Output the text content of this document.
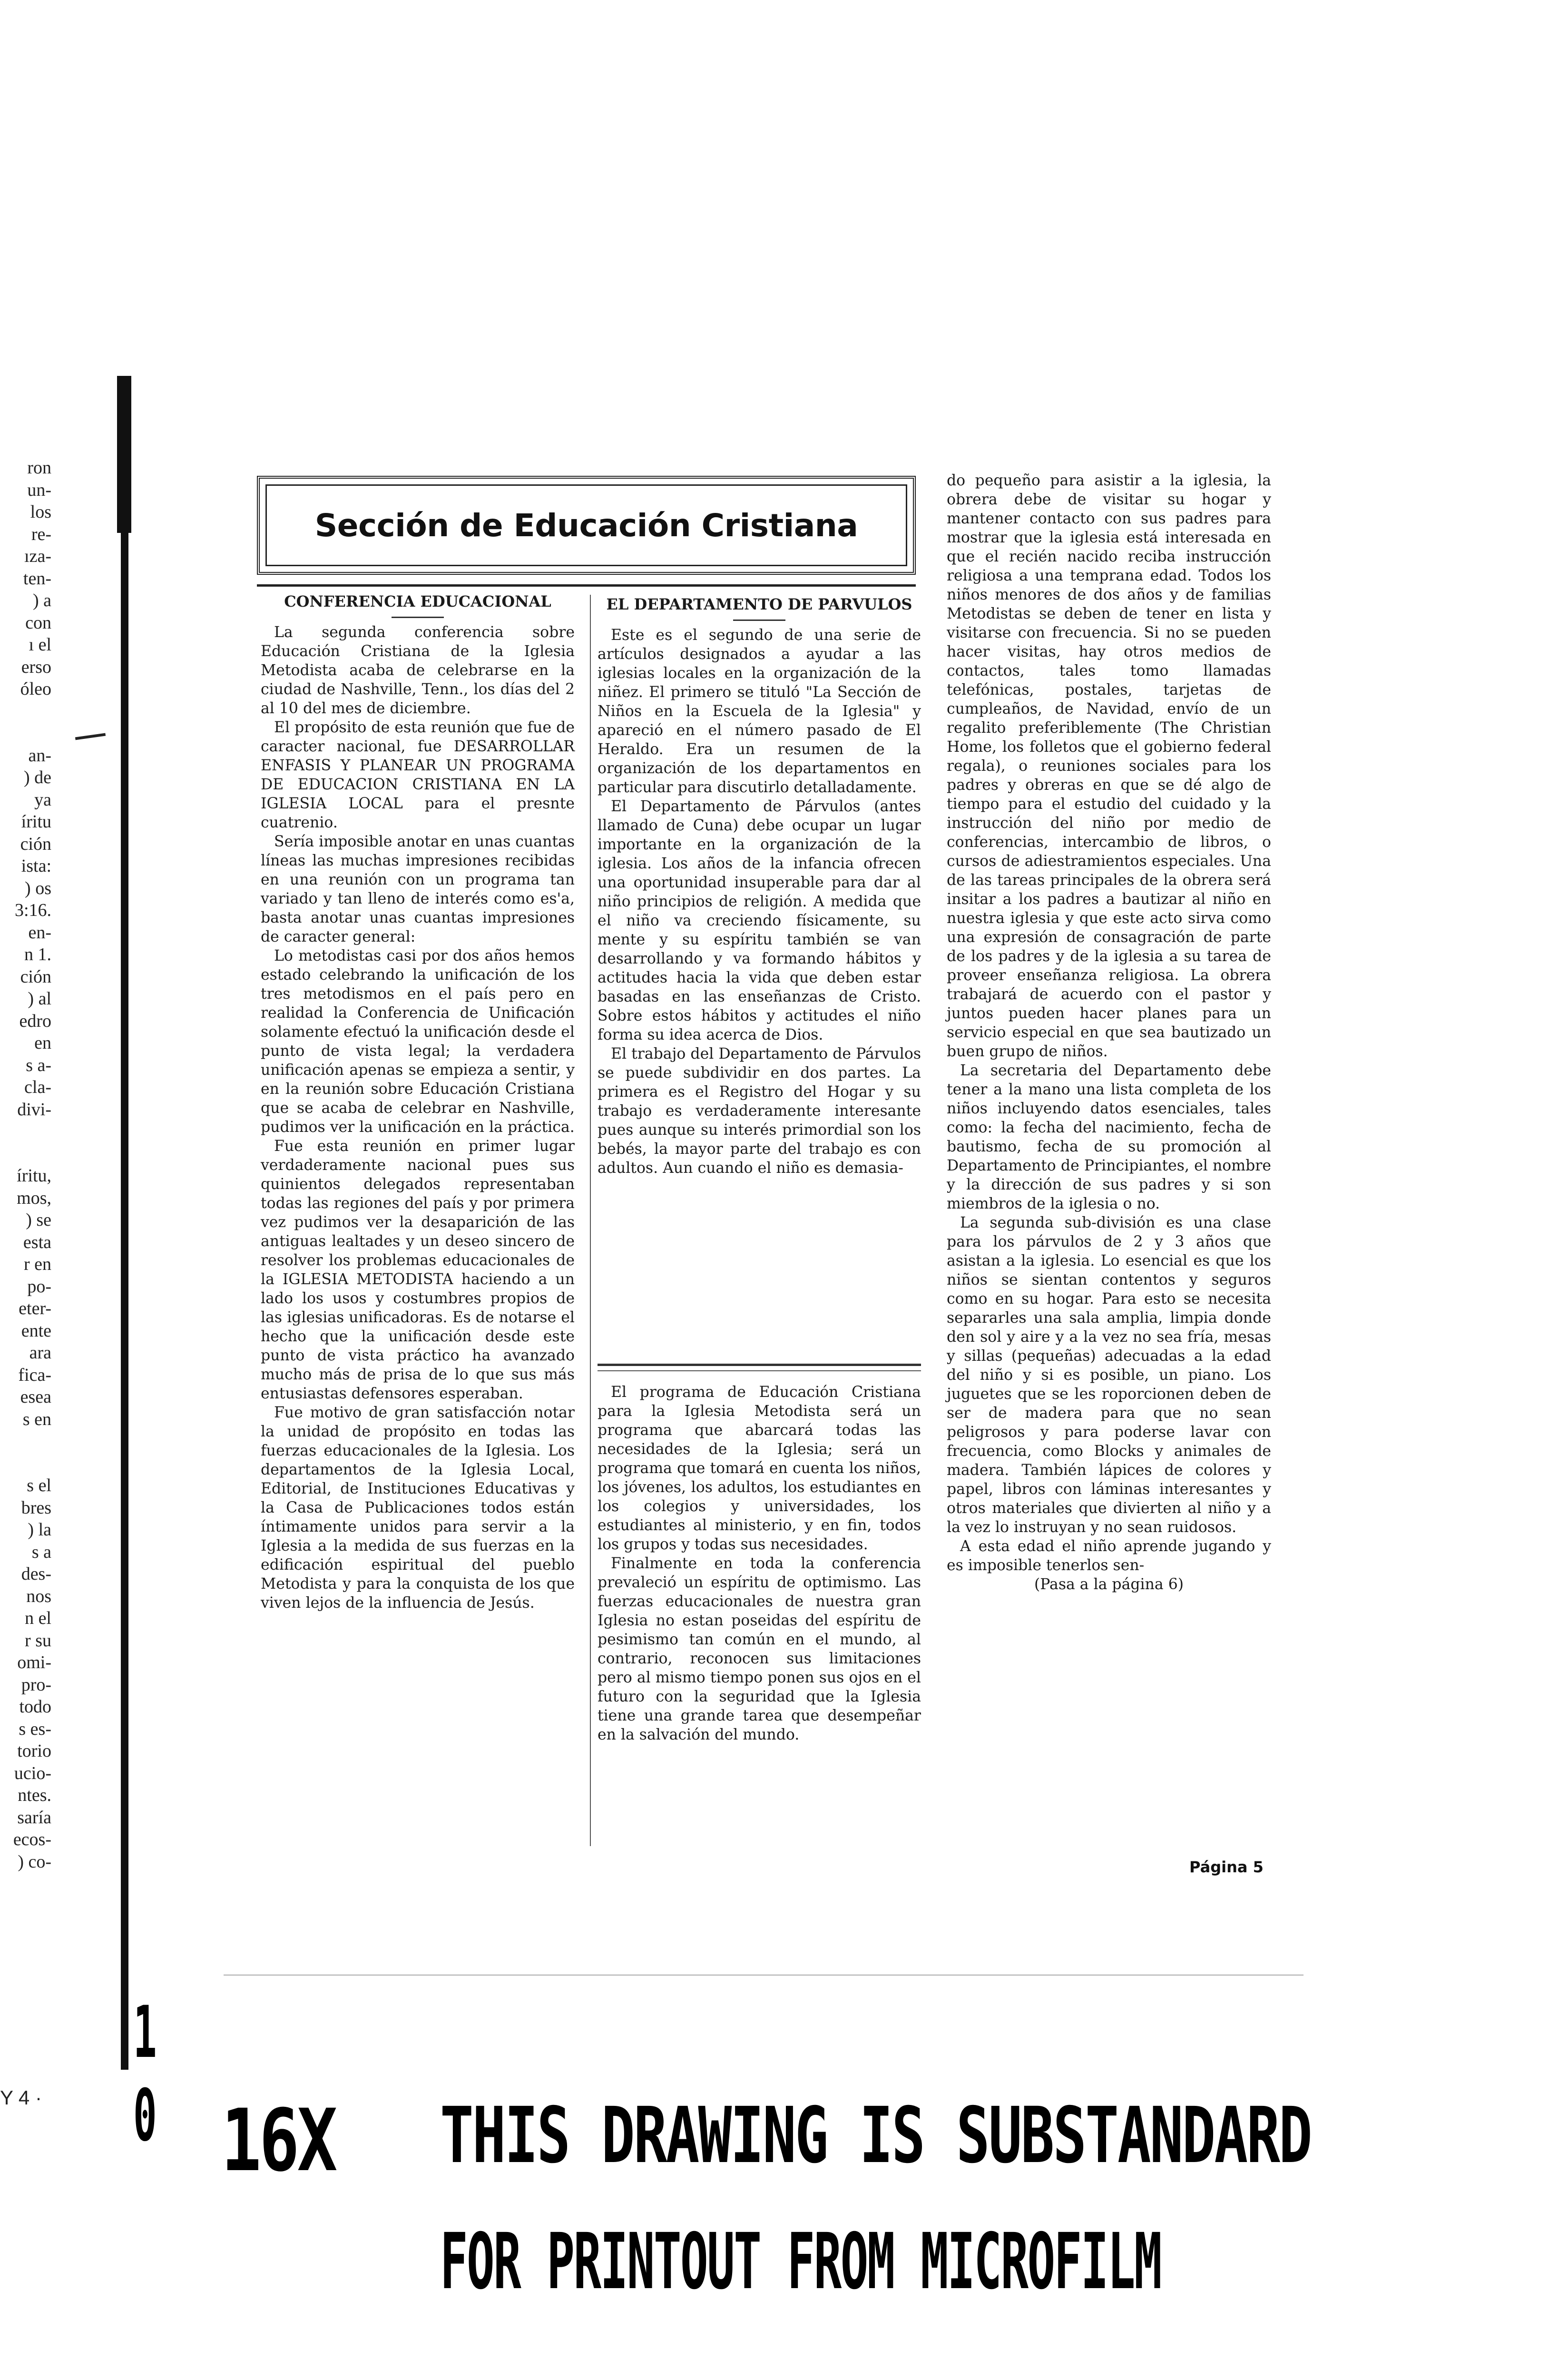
ron
un-
los
re-
ıza-
ten-
) a
con
ı el
erso
óleo

an-
) de
ya
íritu
ción
ista:
) os
3:16.
en-
n 1.
ción
) al
edro
en
s a-
cla-
divi-

íritu,
mos,
) se
esta
r en
po-
eter-
ente
ara
fica-
esea
s en

s el
bres
) la
s a
des-
nos
n el
r su
omi-
pro-
todo
s es-
torio
ucio-
ntes.
saría
ecos-
) co-
Sección de Educación Cristiana
CONFERENCIA EDUCACIONAL

La segunda conferencia sobre Educación Cristiana de la Iglesia Metodista acaba de celebrarse en la ciudad de Nashville, Tenn., los días del 2 al 10 del mes de diciembre.

El propósito de esta reunión que fue de caracter nacional, fue DESARROLLAR ENFASIS Y PLANEAR UN PROGRAMA DE EDUCACION CRISTIANA EN LA IGLESIA LOCAL para el presnte cuatrenio.

Sería imposible anotar en unas cuantas líneas las muchas impresiones recibidas en una reunión con un programa tan variado y tan lleno de interés como es'a, basta anotar unas cuantas impresiones de caracter general:

Lo metodistas casi por dos años hemos estado celebrando la unificación de los tres metodismos en el país pero en realidad la Conferencia de Unificación solamente efectuó la unificación desde el punto de vista legal; la verdadera unificación apenas se empieza a sentir, y en la reunión sobre Educación Cristiana que se acaba de celebrar en Nashville, pudimos ver la unificación en la práctica.

Fue esta reunión en primer lugar verdaderamente nacional pues sus quinientos delegados representaban todas las regiones del país y por primera vez pudimos ver la desaparición de las antiguas lealtades y un deseo sincero de resolver los problemas educacionales de la IGLESIA METODISTA haciendo a un lado los usos y costumbres propios de las iglesias unificadoras. Es de notarse el hecho que la unificación desde este punto de vista práctico ha avanzado mucho más de prisa de lo que sus más entusiastas defensores esperaban.

Fue motivo de gran satisfacción notar la unidad de propósito en todas las fuerzas educacionales de la Iglesia. Los departamentos de la Iglesia Local, Editorial, de Instituciones Educativas y la Casa de Publicaciones todos están íntimamente unidos para servir a la Iglesia a la medida de sus fuerzas en la edificación espiritual del pueblo Metodista y para la conquista de los que viven lejos de la influencia de Jesús.

EL DEPARTAMENTO DE PARVULOS

Este es el segundo de una serie de artículos designados a ayudar a las iglesias locales en la organización de la niñez. El primero se tituló "La Sección de Niños en la Escuela de la Iglesia" y apareció en el número pasado de El Heraldo. Era un resumen de la organización de los departamentos en particular para discutirlo detalladamente.

El Departamento de Párvulos (antes llamado de Cuna) debe ocupar un lugar importante en la organización de la iglesia. Los años de la infancia ofrecen una oportunidad insuperable para dar al niño principios de religión. A medida que el niño va creciendo físicamente, su mente y su espíritu también se van desarrollando y va formando hábitos y actitudes hacia la vida que deben estar basadas en las enseñanzas de Cristo. Sobre estos hábitos y actitudes el niño forma su idea acerca de Dios.

El trabajo del Departamento de Párvulos se puede subdividir en dos partes. La primera es el Registro del Hogar y su trabajo es verdaderamente interesante pues aunque su interés primordial son los bebés, la mayor parte del trabajo es con adultos. Aun cuando el niño es demasia-

El programa de Educación Cristiana para la Iglesia Metodista será un programa que abarcará todas las necesidades de la Iglesia; será un programa que tomará en cuenta los niños, los jóvenes, los adultos, los estudiantes en los colegios y universidades, los estudiantes al ministerio, y en fin, todos los grupos y todas sus necesidades.

Finalmente en toda la conferencia prevaleció un espíritu de optimismo. Las fuerzas educacionales de nuestra gran Iglesia no estan poseidas del espíritu de pesimismo tan común en el mundo, al contrario, reconocen sus limitaciones pero al mismo tiempo ponen sus ojos en el futuro con la seguridad que la Iglesia tiene una grande tarea que desempeñar en la salvación del mundo.

do pequeño para asistir a la iglesia, la obrera debe de visitar su hogar y mantener contacto con sus padres para mostrar que la iglesia está interesada en que el recién nacido reciba instrucción religiosa a una temprana edad. Todos los niños menores de dos años y de familias Metodistas se deben de tener en lista y visitarse con frecuencia. Si no se pueden hacer visitas, hay otros medios de contactos, tales tomo llamadas telefónicas, postales, tarjetas de cumpleaños, de Navidad, envío de un regalito preferiblemente (The Christian Home, los folletos que el gobierno federal regala), o reuniones sociales para los padres y obreras en que se dé algo de tiempo para el estudio del cuidado y la instrucción del niño por medio de conferencias, intercambio de libros, o cursos de adiestramientos especiales. Una de las tareas principales de la obrera será insitar a los padres a bautizar al niño en nuestra iglesia y que este acto sirva como una expresión de consagración de parte de los padres y de la iglesia a su tarea de proveer enseñanza religiosa. La obrera trabajará de acuerdo con el pastor y juntos pueden hacer planes para un servicio especial en que sea bautizado un buen grupo de niños.

La secretaria del Departamento debe tener a la mano una lista completa de los niños incluyendo datos esenciales, tales como: la fecha del nacimiento, fecha de bautismo, fecha de su promoción al Departamento de Principiantes, el nombre y la dirección de sus padres y si son miembros de la iglesia o no.

La segunda sub-división es una clase para los párvulos de 2 y 3 años que asistan a la iglesia. Lo esencial es que los niños se sientan contentos y seguros como en su hogar. Para esto se necesita separarles una sala amplia, limpia donde den sol y aire y a la vez no sea fría, mesas y sillas (pequeñas) adecuadas a la edad del niño y si es posible, un piano. Los juguetes que se les roporcionen deben de ser de madera para que no sean peligrosos y para poderse lavar con frecuencia, como Blocks y animales de madera. También lápices de colores y papel, libros con láminas interesantes y otros materiales que divierten al niño y a la vez lo instruyan y no sean ruidosos.

A esta edad el niño aprende jugando y es imposible tenerlos sen-

(Pasa a la página 6)

Página 5
Y 4 ·
1
0 16X THIS DRAWING IS SUBSTANDARD
FOR PRINTOUT FROM MICROFILM
